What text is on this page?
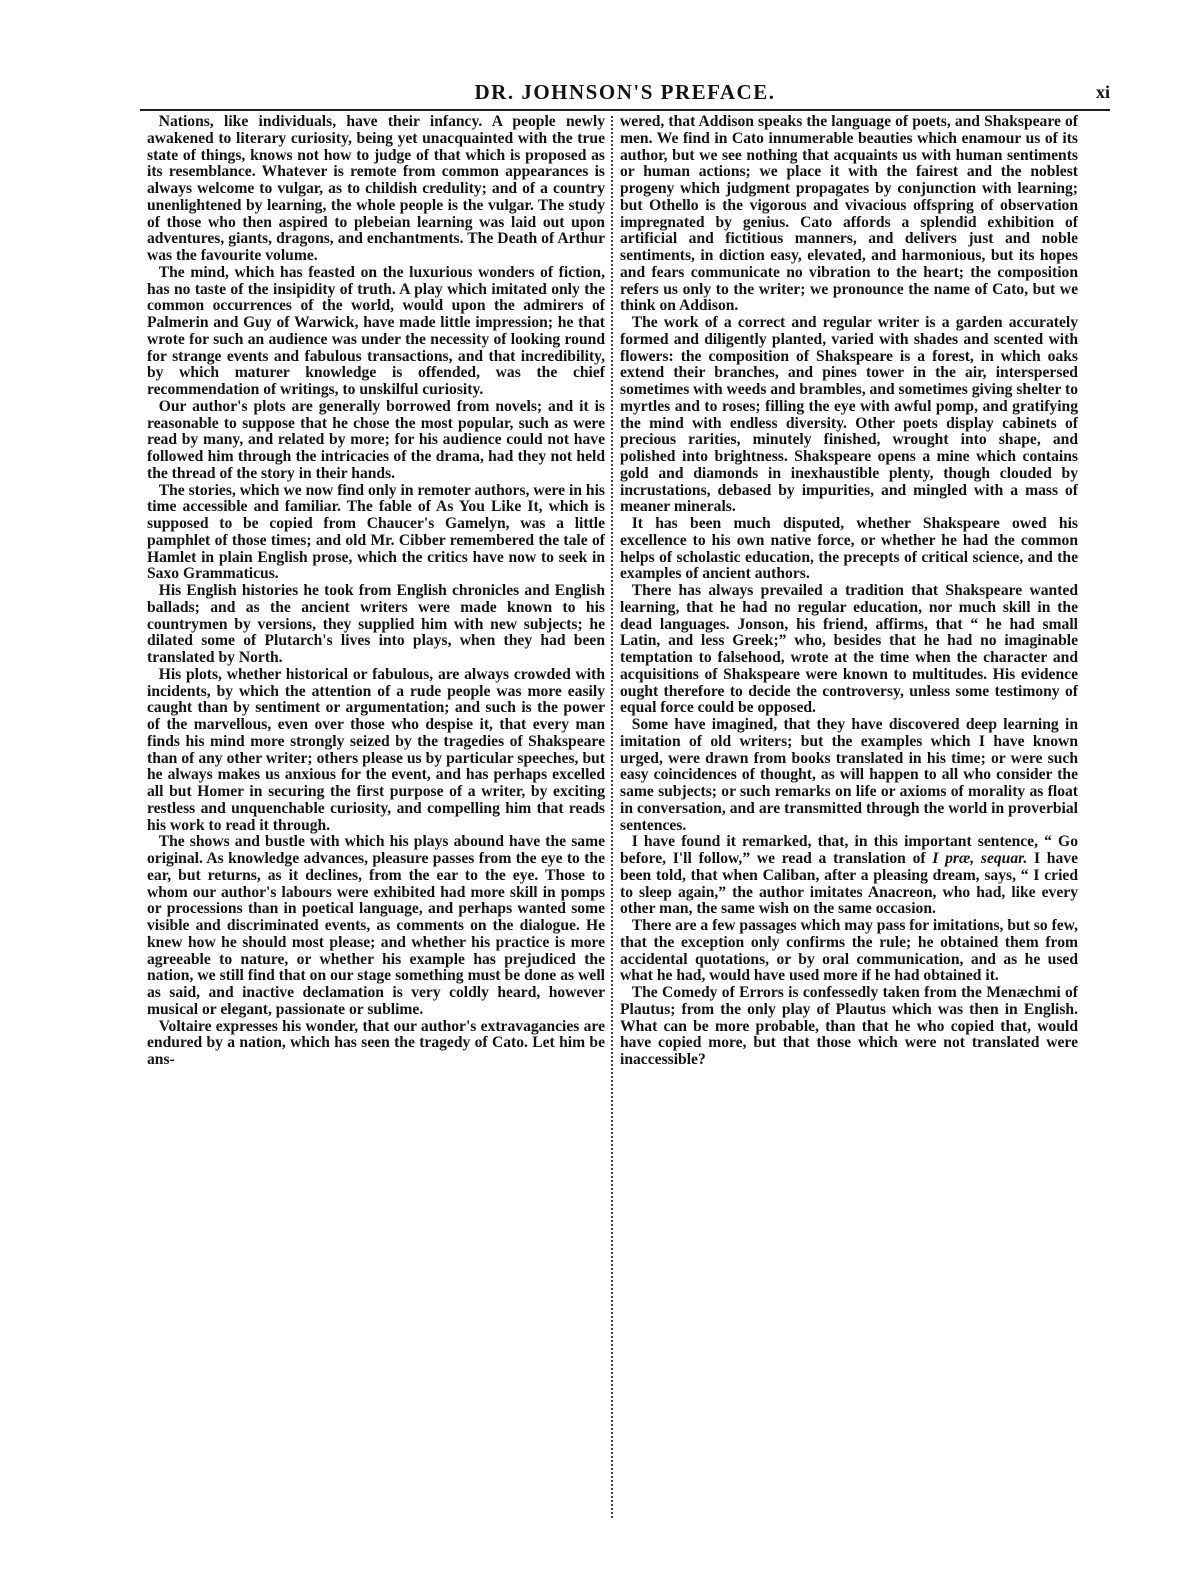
DR. JOHNSON'S PREFACE.	xi

Nations, like individuals, have their infancy. A people newly awakened to literary curiosity, being yet unacquainted with the true state of things, knows not how to judge of that which is proposed as its resemblance. Whatever is remote from common appearances is always welcome to vulgar, as to childish credulity; and of a country unenlightened by learning, the whole people is the vulgar. The study of those who then aspired to plebeian learning was laid out upon adventures, giants, dragons, and enchantments. The Death of Arthur was the favourite volume.

The mind, which has feasted on the luxurious wonders of fiction, has no taste of the insipidity of truth. A play which imitated only the common occurrences of the world, would upon the admirers of Palmerin and Guy of Warwick, have made little impression; he that wrote for such an audience was under the necessity of looking round for strange events and fabulous transactions, and that incredibility, by which maturer knowledge is offended, was the chief recommendation of writings, to unskilful curiosity.

Our author's plots are generally borrowed from novels; and it is reasonable to suppose that he chose the most popular, such as were read by many, and related by more; for his audience could not have followed him through the intricacies of the drama, had they not held the thread of the story in their hands.

The stories, which we now find only in remoter authors, were in his time accessible and familiar. The fable of As You Like It, which is supposed to be copied from Chaucer's Gamelyn, was a little pamphlet of those times; and old Mr. Cibber remembered the tale of Hamlet in plain English prose, which the critics have now to seek in Saxo Grammaticus.

His English histories he took from English chronicles and English ballads; and as the ancient writers were made known to his countrymen by versions, they supplied him with new subjects; he dilated some of Plutarch's lives into plays, when they had been translated by North.

His plots, whether historical or fabulous, are always crowded with incidents, by which the attention of a rude people was more easily caught than by sentiment or argumentation; and such is the power of the marvellous, even over those who despise it, that every man finds his mind more strongly seized by the tragedies of Shakspeare than of any other writer; others please us by particular speeches, but he always makes us anxious for the event, and has perhaps excelled all but Homer in securing the first purpose of a writer, by exciting restless and unquenchable curiosity, and compelling him that reads his work to read it through.

The shows and bustle with which his plays abound have the same original. As knowledge advances, pleasure passes from the eye to the ear, but returns, as it declines, from the ear to the eye. Those to whom our author's labours were exhibited had more skill in pomps or processions than in poetical language, and perhaps wanted some visible and discriminated events, as comments on the dialogue. He knew how he should most please; and whether his practice is more agreeable to nature, or whether his example has prejudiced the nation, we still find that on our stage something must be done as well as said, and inactive declamation is very coldly heard, however musical or elegant, passionate or sublime.

Voltaire expresses his wonder, that our author's extravagancies are endured by a nation, which has seen the tragedy of Cato. Let him be ans-

wered, that Addison speaks the language of poets, and Shakspeare of men. We find in Cato innumerable beauties which enamour us of its author, but we see nothing that acquaints us with human sentiments or human actions; we place it with the fairest and the noblest progeny which judgment propagates by conjunction with learning; but Othello is the vigorous and vivacious offspring of observation impregnated by genius. Cato affords a splendid exhibition of artificial and fictitious manners, and delivers just and noble sentiments, in diction easy, elevated, and harmonious, but its hopes and fears communicate no vibration to the heart; the composition refers us only to the writer; we pronounce the name of Cato, but we think on Addison.

The work of a correct and regular writer is a garden accurately formed and diligently planted, varied with shades and scented with flowers: the composition of Shakspeare is a forest, in which oaks extend their branches, and pines tower in the air, interspersed sometimes with weeds and brambles, and sometimes giving shelter to myrtles and to roses; filling the eye with awful pomp, and gratifying the mind with endless diversity. Other poets display cabinets of precious rarities, minutely finished, wrought into shape, and polished into brightness. Shakspeare opens a mine which contains gold and diamonds in inexhaustible plenty, though clouded by incrustations, debased by impurities, and mingled with a mass of meaner minerals.

It has been much disputed, whether Shakspeare owed his excellence to his own native force, or whether he had the common helps of scholastic education, the precepts of critical science, and the examples of ancient authors.

There has always prevailed a tradition that Shakspeare wanted learning, that he had no regular education, nor much skill in the dead languages. Jonson, his friend, affirms, that “ he had small Latin, and less Greek;” who, besides that he had no imaginable temptation to falsehood, wrote at the time when the character and acquisitions of Shakspeare were known to multitudes. His evidence ought therefore to decide the controversy, unless some testimony of equal force could be opposed.

Some have imagined, that they have discovered deep learning in imitation of old writers; but the examples which I have known urged, were drawn from books translated in his time; or were such easy coincidences of thought, as will happen to all who consider the same subjects; or such remarks on life or axioms of morality as float in conversation, and are transmitted through the world in proverbial sentences.

I have found it remarked, that, in this important sentence, “ Go before, I'll follow,” we read a translation of I præ, sequar. I have been told, that when Caliban, after a pleasing dream, says, “ I cried to sleep again,” the author imitates Anacreon, who had, like every other man, the same wish on the same occasion.

There are a few passages which may pass for imitations, but so few, that the exception only confirms the rule; he obtained them from accidental quotations, or by oral communication, and as he used what he had, would have used more if he had obtained it.

The Comedy of Errors is confessedly taken from the Menæchmi of Plautus; from the only play of Plautus which was then in English. What can be more probable, than that he who copied that, would have copied more, but that those which were not translated were inaccessible?
